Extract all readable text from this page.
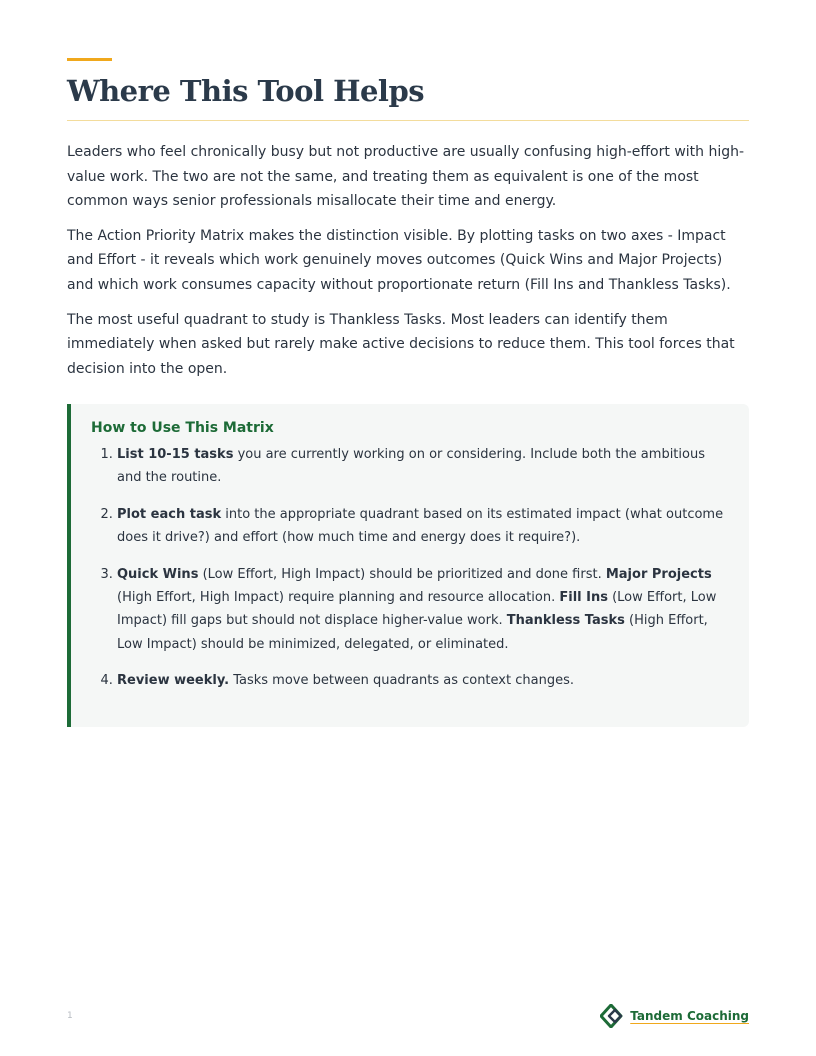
Where This Tool Helps

Leaders who feel chronically busy but not productive are usually confusing high-effort with high-value work. The two are not the same, and treating them as equivalent is one of the most common ways senior professionals misallocate their time and energy.

The Action Priority Matrix makes the distinction visible. By plotting tasks on two axes - Impact and Effort - it reveals which work genuinely moves outcomes (Quick Wins and Major Projects) and which work consumes capacity without proportionate return (Fill Ins and Thankless Tasks).

The most useful quadrant to study is Thankless Tasks. Most leaders can identify them immediately when asked but rarely make active decisions to reduce them. This tool forces that decision into the open.

How to Use This Matrix
1. List 10-15 tasks you are currently working on or considering. Include both the ambitious and the routine.
2. Plot each task into the appropriate quadrant based on its estimated impact (what outcome does it drive?) and effort (how much time and energy does it require?).
3. Quick Wins (Low Effort, High Impact) should be prioritized and done first. Major Projects (High Effort, High Impact) require planning and resource allocation. Fill Ins (Low Effort, Low Impact) fill gaps but should not displace higher-value work. Thankless Tasks (High Effort, Low Impact) should be minimized, delegated, or eliminated.
4. Review weekly. Tasks move between quadrants as context changes.
1	Tandem Coaching
